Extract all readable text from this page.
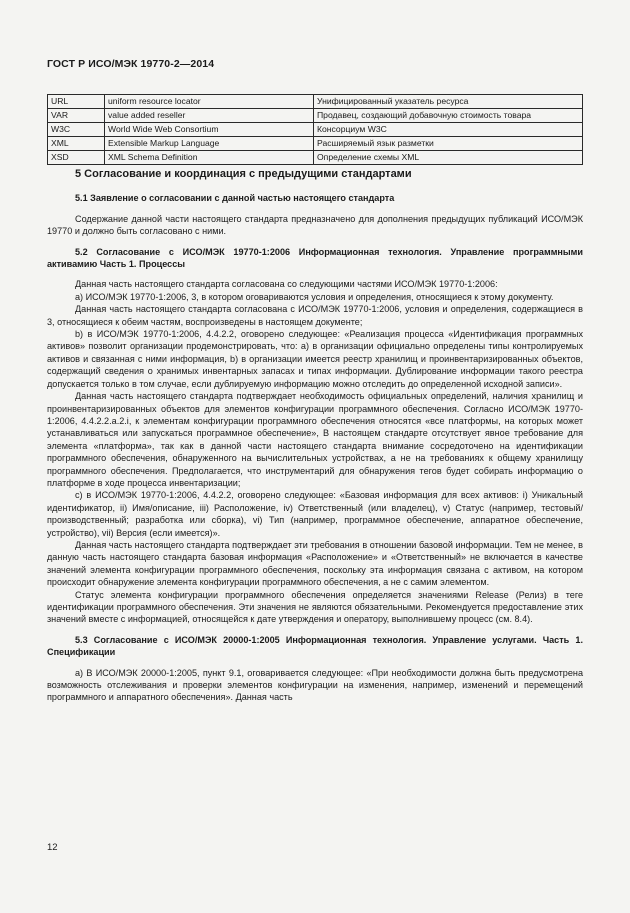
ГОСТ Р ИСО/МЭК 19770-2—2014
URL	uniform resource locator	Унифицированный указатель ресурса
VAR	value added reseller	Продавец, создающий добавочную стоимость товара
W3C	World Wide Web Consortium	Консорциум W3C
XML	Extensible Markup Language	Расширяемый язык разметки
XSD	XML Schema Definition	Определение схемы XML
5 Согласование и координация с предыдущими стандартами
5.1 Заявление о согласовании с данной частью настоящего стандарта

Содержание данной части настоящего стандарта предназначено для дополнения предыдущих публикаций ИСО/МЭК 19770 и должно быть согласовано с ними.

5.2 Согласование с ИСО/МЭК 19770-1:2006 Информационная технология. Управление программными активамию Часть 1. Процессы

Данная часть настоящего стандарта согласована со следующими частями ИСО/МЭК 19770-1:2006:

а) ИСО/МЭК 19770-1:2006, 3, в котором оговариваются условия и определения, относящиеся к этому документу.

Данная часть настоящего стандарта согласована с ИСО/МЭК 19770-1:2006, условия и определения, содержащиеся в 3, относящиеся к обеим частям, воспроизведены в настоящем документе;

b) в ИСО/МЭК 19770-1:2006, 4.4.2.2, оговорено следующее: «Реализация процесса «Идентификация программных активов» позволит организации продемонстрировать, что: a) в организации официально определены типы контролируемых активов и связанная с ними информация, b) в организации имеется реестр хранилищ и проинвентаризированных объектов, содержащий сведения о хранимых инвентарных запасах и типах информации. Дублирование информации такого реестра допускается только в том случае, если дублируемую информацию можно отследить до определенной исходной записи».

Данная часть настоящего стандарта подтверждает необходимость официальных определений, наличия хранилищ и проинвентаризированных объектов для элементов конфигурации программного обеспечения. Согласно ИСО/МЭК 19770-1:2006, 4.4.2.2.а.2.i, к элементам конфигурации программного обеспечения относятся «все платформы, на которых может устанавливаться или запускаться программное обеспечение», В настоящем стандарте отсутствует явное требование для элемента «платформа», так как в данной части настоящего стандарта внимание сосредоточено на идентификации программного обеспечения, обнаруженного на вычислительных устройствах, а не на требованиях к общему хранилищу программного обеспечения. Предполагается, что инструментарий для обнаружения тегов будет собирать информацию о платформе в ходе процесса инвентаризации;

с) в ИСО/МЭК 19770-1:2006, 4.4.2.2, оговорено следующее: «Базовая информация для всех активов: i) Уникальный идентификатор, ii) Имя/описание, iii) Расположение, iv) Ответственный (или владелец), v) Статус (например, тестовый/производственный; разработка или сборка), vi) Тип (например, программное обеспечение, аппаратное обеспечение, устройство), vii) Версия (если имеется)».

Данная часть настоящего стандарта подтверждает эти требования в отношении базовой информации. Тем не менее, в данную часть настоящего стандарта базовая информация «Расположение» и «Ответственный» не включается в качестве значений элемента конфигурации программного обеспечения, поскольку эта информация связана с активом, на котором происходит обнаружение элемента конфигурации программного обеспечения, а не с самим элементом.

Статус элемента конфигурации программного обеспечения определяется значениями Release (Релиз) в теге идентификации программного обеспечения. Эти значения не являются обязательными. Рекомендуется предоставление этих значений вместе с информацией, относящейся к дате утверждения и оператору, выполнившему процесс (см. 8.4).

5.3 Согласование с ИСО/МЭК 20000-1:2005 Информационная технология. Управление услугами. Часть 1. Спецификации

а) В ИСО/МЭК 20000-1:2005, пункт 9.1, оговаривается следующее: «При необходимости должна быть предусмотрена возможность отслеживания и проверки элементов конфигурации на изменения, например, изменений и перемещений программного и аппаратного обеспечения». Данная часть

12
